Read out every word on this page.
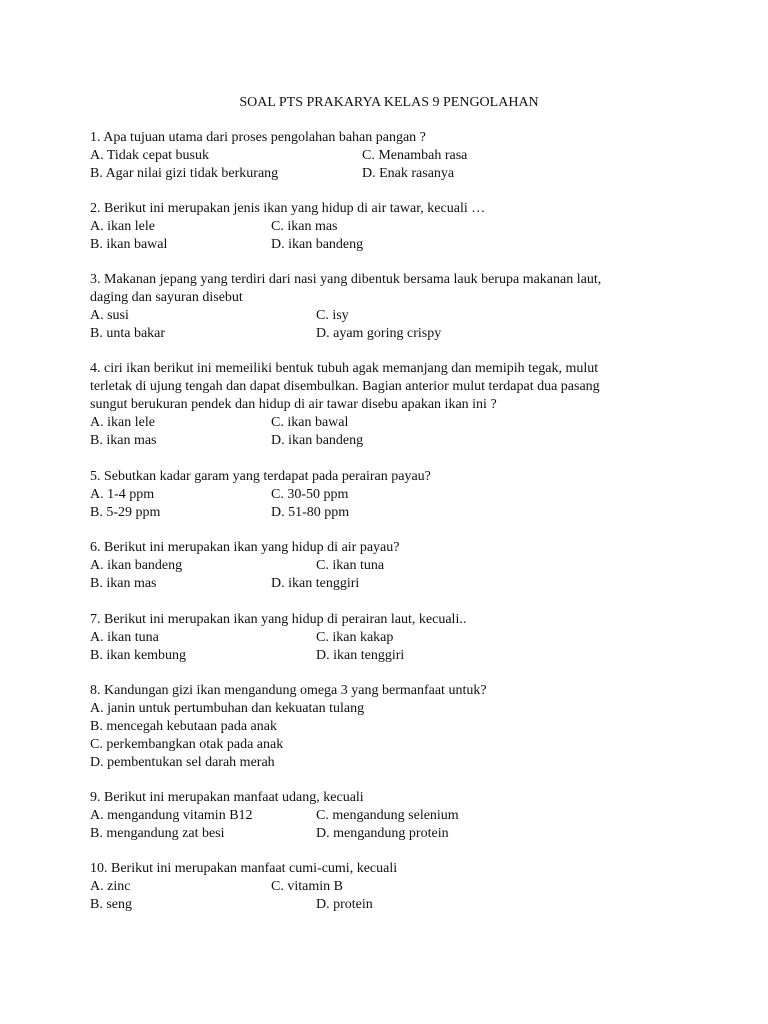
SOAL PTS PRAKARYA KELAS 9 PENGOLAHAN
1. Apa tujuan utama dari proses pengolahan bahan pangan ?
A. Tidak cepat busuk	C. Menambah rasa
B. Agar nilai gizi tidak berkurang	D. Enak rasanya
2. Berikut ini merupakan jenis ikan yang hidup di air tawar, kecuali …
A. ikan lele	C. ikan mas
B. ikan bawal	D. ikan bandeng
3. Makanan jepang yang terdiri dari nasi yang dibentuk bersama lauk berupa makanan laut,
daging dan sayuran disebut
A. susi	C. isy
B. unta bakar	D. ayam goring crispy
4. ciri ikan berikut ini memeiliki bentuk tubuh agak memanjang dan memipih tegak, mulut
terletak di ujung tengah dan dapat disembulkan. Bagian anterior mulut terdapat dua pasang
sungut berukuran pendek dan hidup di air tawar disebu apakan ikan ini ?
A. ikan lele	C. ikan bawal
B. ikan mas	D. ikan bandeng
5. Sebutkan kadar garam yang terdapat pada perairan payau?
A. 1-4 ppm	C. 30-50 ppm
B. 5-29 ppm	D. 51-80 ppm
6. Berikut ini merupakan ikan yang hidup di air payau?
A. ikan bandeng	C. ikan tuna
B. ikan mas	D. ikan tenggiri
7. Berikut ini merupakan ikan yang hidup di perairan laut, kecuali..
A. ikan tuna	C. ikan kakap
B. ikan kembung	D. ikan tenggiri
8. Kandungan gizi ikan mengandung omega 3 yang bermanfaat untuk?
A. janin untuk pertumbuhan dan kekuatan tulang
B. mencegah kebutaan pada anak
C. perkembangkan otak pada anak
D. pembentukan sel darah merah
9. Berikut ini merupakan manfaat udang, kecuali
A. mengandung vitamin B12	C. mengandung selenium
B. mengandung zat besi	D. mengandung protein
10. Berikut ini merupakan manfaat cumi-cumi, kecuali
A. zinc	C. vitamin B
B. seng	D. protein
